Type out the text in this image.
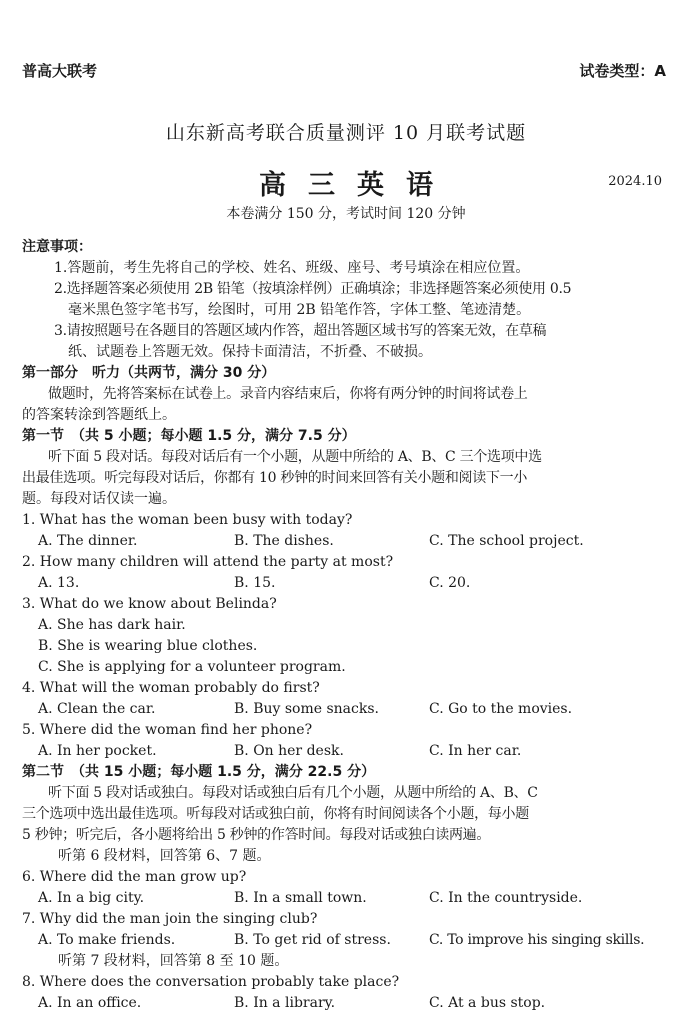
普高大联考	试卷类型：A
山东新高考联合质量测评 10 月联考试题
高三英语	2024.10
本卷满分 150 分，考试时间 120 分钟
注意事项：
1.答题前，考生先将自己的学校、姓名、班级、座号、考号填涂在相应位置。
2.选择题答案必须使用 2B 铅笔（按填涂样例）正确填涂；非选择题答案必须使用 0.5
毫米黑色签字笔书写，绘图时，可用 2B 铅笔作答，字体工整、笔迹清楚。
3.请按照题号在各题目的答题区域内作答，超出答题区域书写的答案无效，在草稿
纸、试题卷上答题无效。保持卡面清洁，不折叠、不破损。
第一部分　听力（共两节，满分 30 分）
做题时，先将答案标在试卷上。录音内容结束后，你将有两分钟的时间将试卷上
的答案转涂到答题纸上。
第一节　（共 5 小题；每小题 1.5 分，满分 7.5 分）
听下面 5 段对话。每段对话后有一个小题，从题中所给的 A、B、C 三个选项中选
出最佳选项。听完每段对话后，你都有 10 秒钟的时间来回答有关小题和阅读下一小
题。每段对话仅读一遍。
1. What has the woman been busy with today?
A. The dinner.	B. The dishes.	C. The school project.
2. How many children will attend the party at most?
A. 13.	B. 15.	C. 20.
3. What do we know about Belinda?
A. She has dark hair.
B. She is wearing blue clothes.
C. She is applying for a volunteer program.
4. What will the woman probably do first?
A. Clean the car.	B. Buy some snacks.	C. Go to the movies.
5. Where did the woman find her phone?
A. In her pocket.	B. On her desk.	C. In her car.
第二节　（共 15 小题；每小题 1.5 分，满分 22.5 分）
听下面 5 段对话或独白。每段对话或独白后有几个小题，从题中所给的 A、B、C
三个选项中选出最佳选项。听每段对话或独白前，你将有时间阅读各个小题，每小题
5 秒钟；听完后，各小题将给出 5 秒钟的作答时间。每段对话或独白读两遍。
听第 6 段材料，回答第 6、7 题。
6. Where did the man grow up?
A. In a big city.	B. In a small town.	C. In the countryside.
7. Why did the man join the singing club?
A. To make friends.	B. To get rid of stress.	C. To improve his singing skills.
听第 7 段材料，回答第 8 至 10 题。
8. Where does the conversation probably take place?
A. In an office.	B. In a library.	C. At a bus stop.
